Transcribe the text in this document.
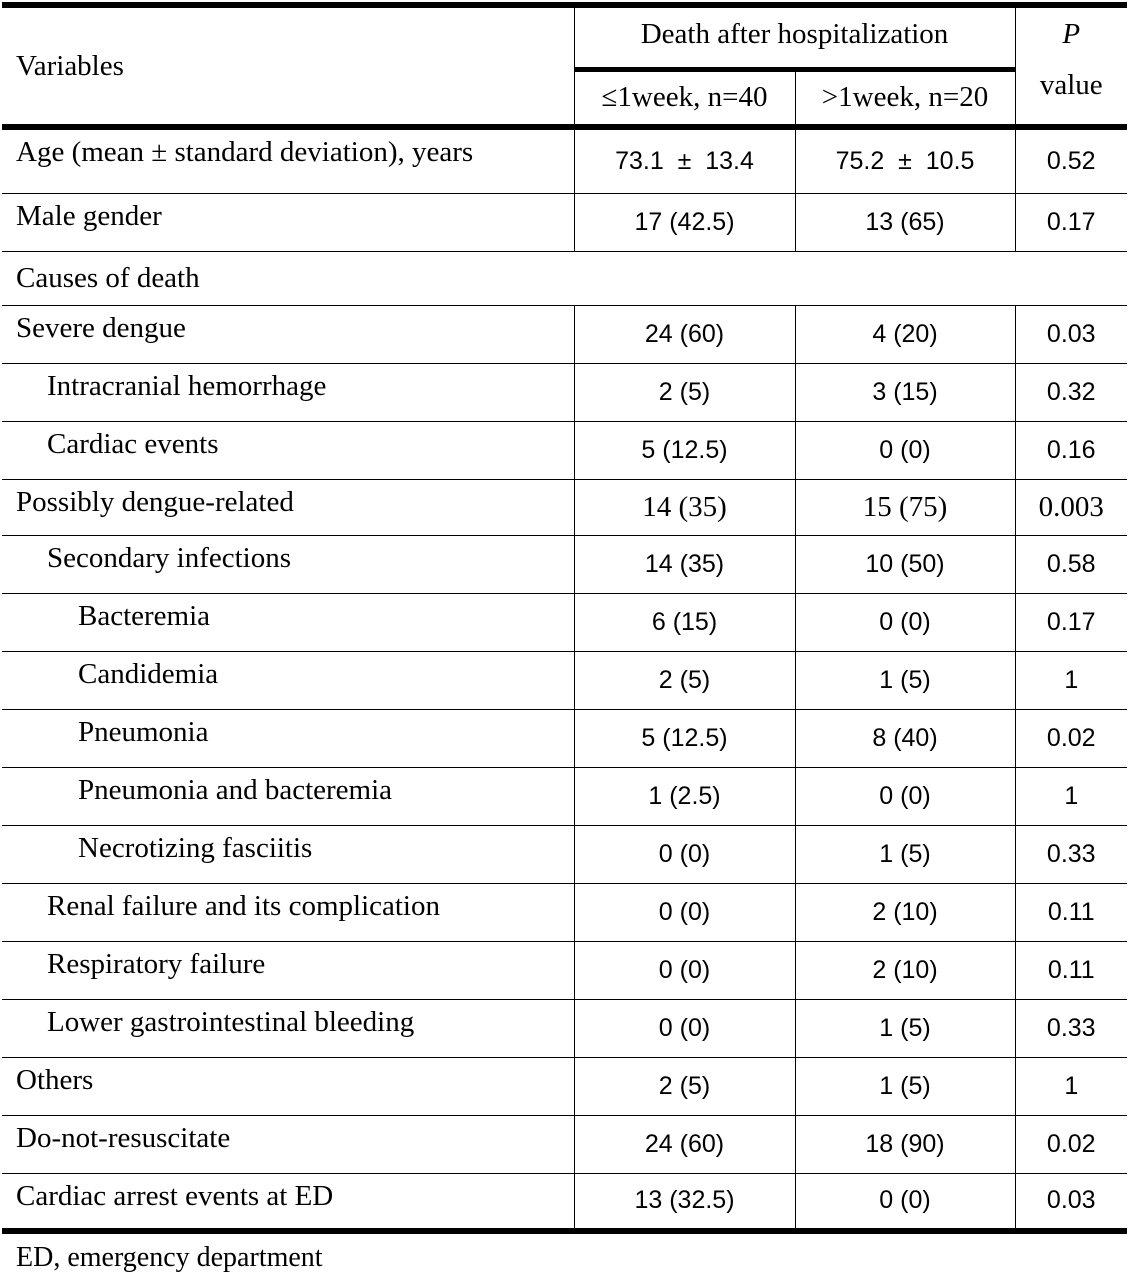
Variables	Death after hospitalization		P
	≤1week, n=40	>1week, n=20	value
Age (mean ± standard deviation), years	73.1  ±  13.4	75.2  ±  10.5	0.52
Male gender	17 (42.5)	13 (65)	0.17
Causes of death			
Severe dengue	24 (60)	4 (20)	0.03
Intracranial hemorrhage	2 (5)	3 (15)	0.32
Cardiac events	5 (12.5)	0 (0)	0.16
Possibly dengue-related	14 (35)	15 (75)	0.003
Secondary infections	14 (35)	10 (50)	0.58
Bacteremia	6 (15)	0 (0)	0.17
Candidemia	2 (5)	1 (5)	1
Pneumonia	5 (12.5)	8 (40)	0.02
Pneumonia and bacteremia	1 (2.5)	0 (0)	1
Necrotizing fasciitis	0 (0)	1 (5)	0.33
Renal failure and its complication	0 (0)	2 (10)	0.11
Respiratory failure	0 (0)	2 (10)	0.11
Lower gastrointestinal bleeding	0 (0)	1 (5)	0.33
Others	2 (5)	1 (5)	1
Do-not-resuscitate	24 (60)	18 (90)	0.02
Cardiac arrest events at ED	13 (32.5)	0 (0)	0.03
ED, emergency department
